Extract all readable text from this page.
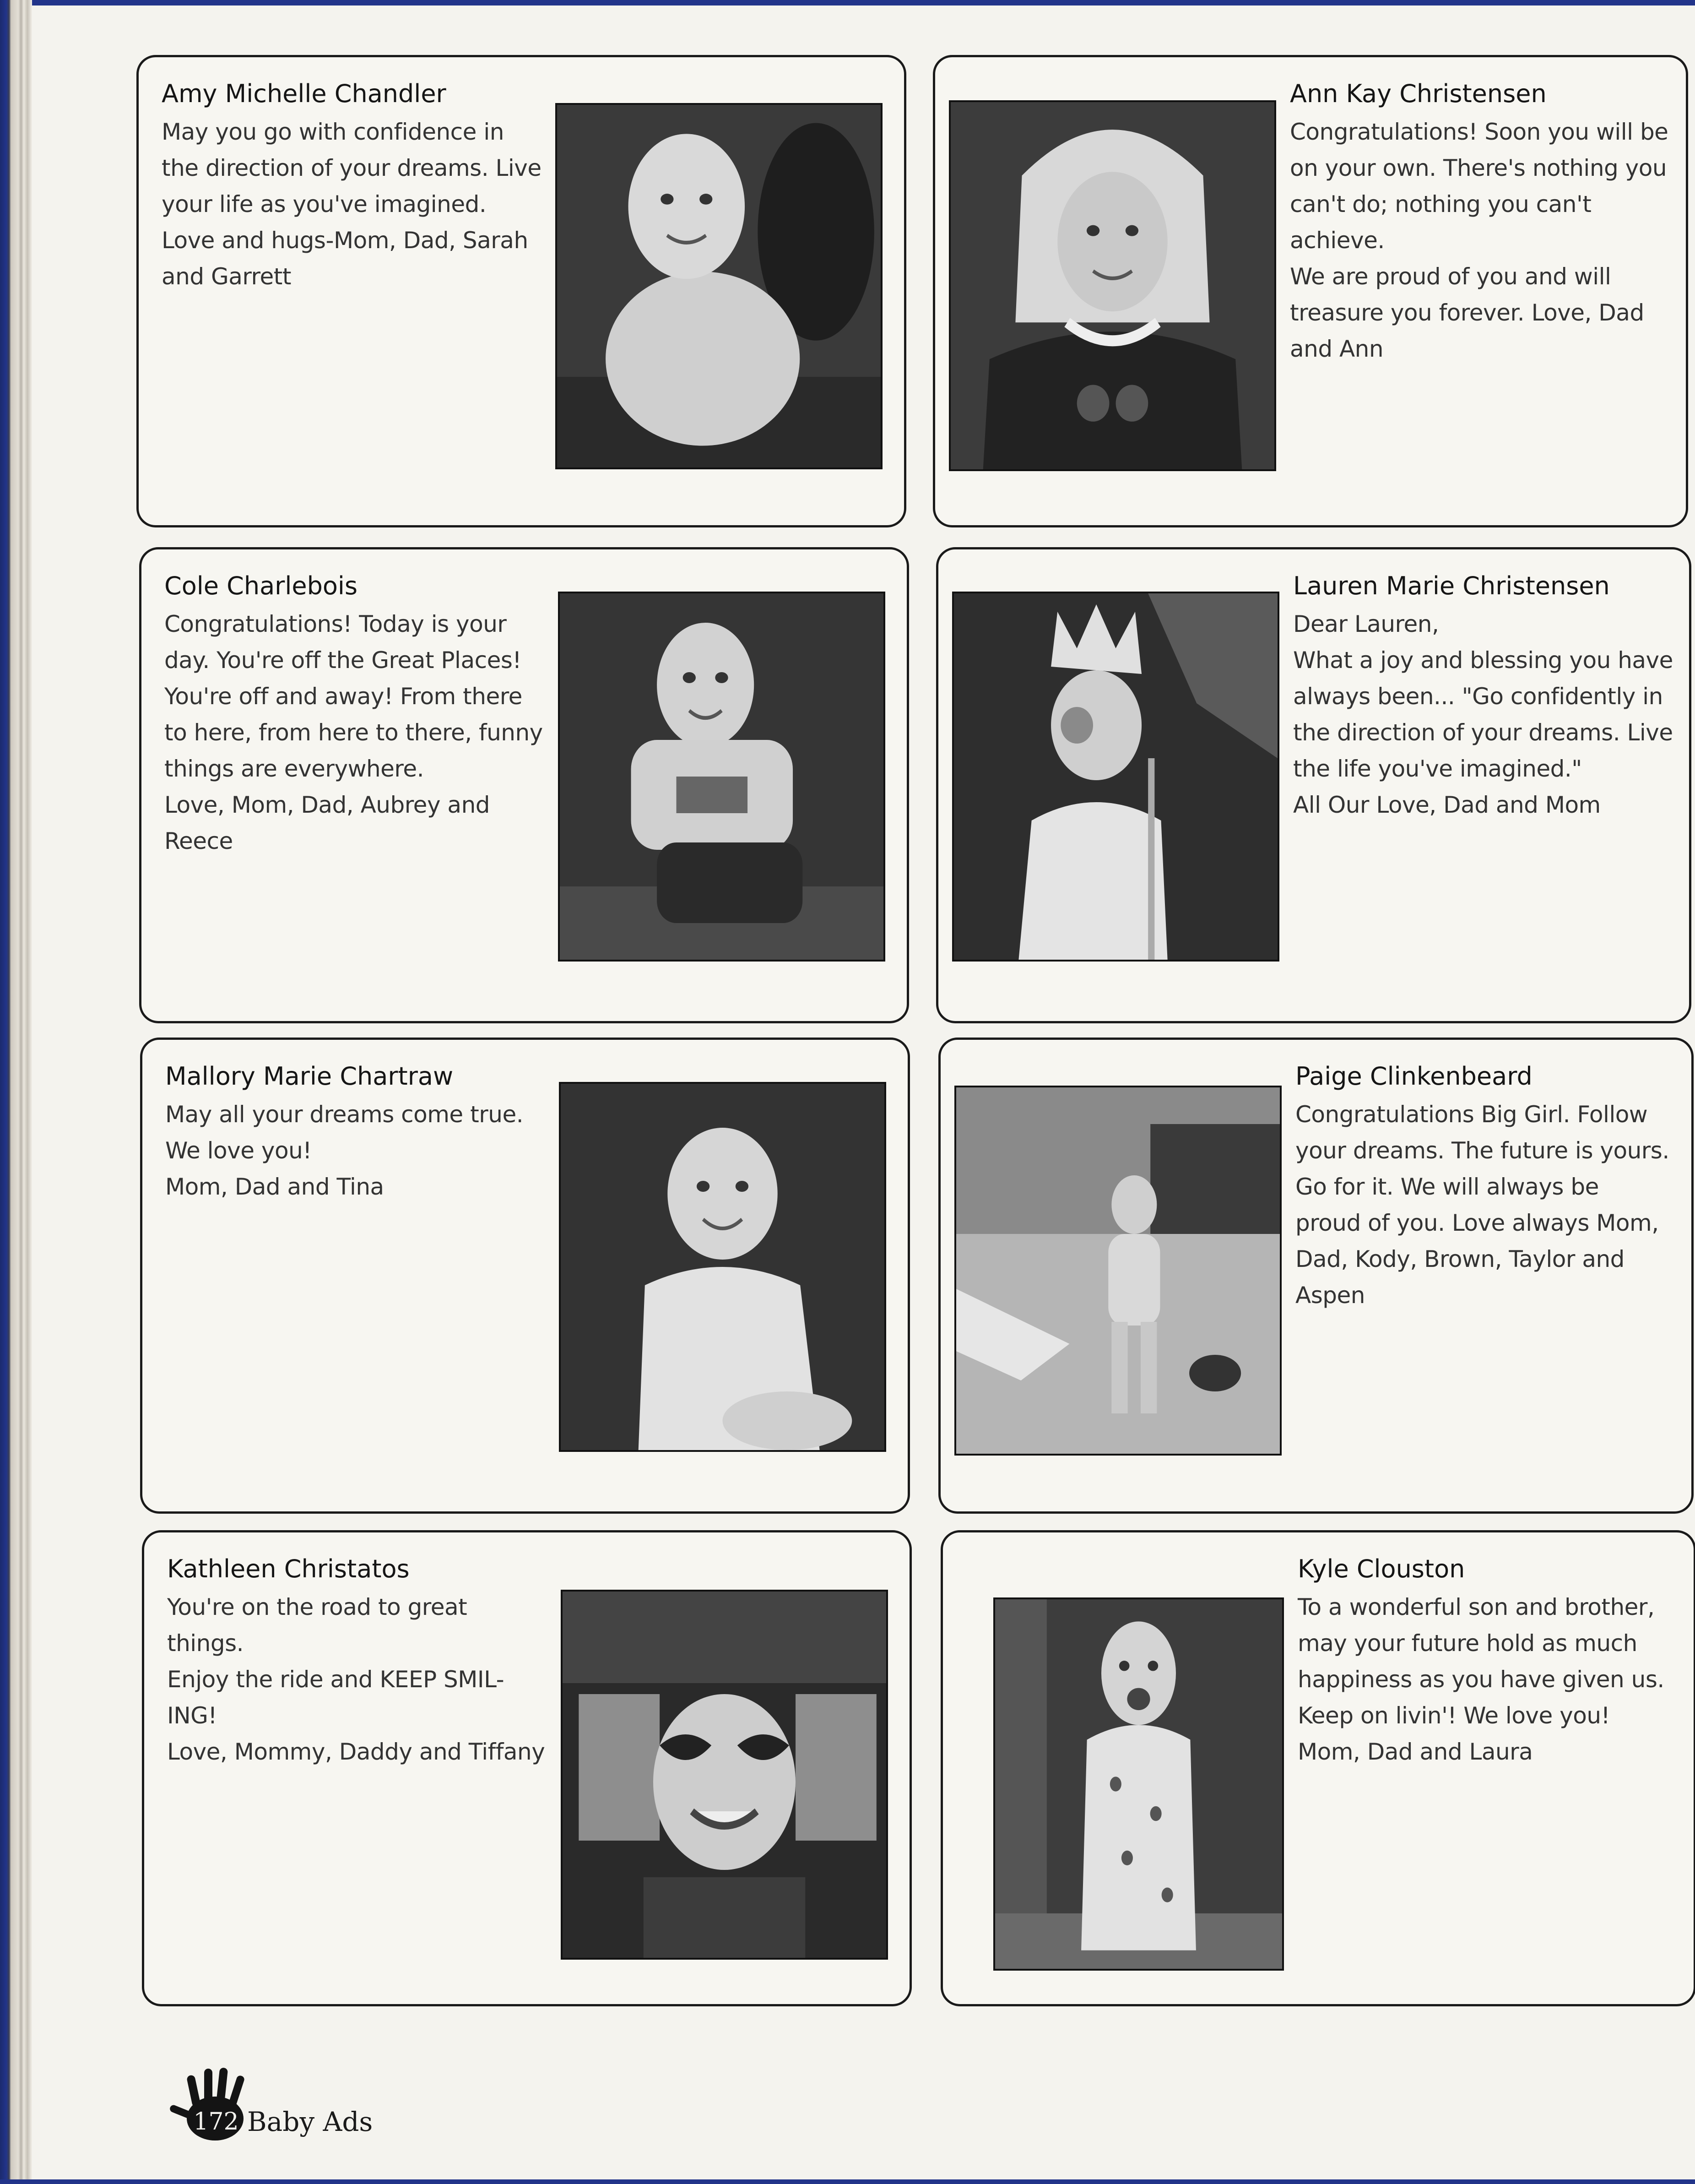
Amy Michelle Chandler
May you go with confidence in
the direction of your dreams. Live
your life as you've imagined.
Love and hugs-Mom, Dad, Sarah
and Garrett
Ann Kay Christensen
Congratulations! Soon you will be
on your own. There's nothing you
can't do; nothing you can't achieve.
We are proud of you and will
treasure you forever. Love, Dad
and Ann
Cole Charlebois
Congratulations! Today is your
day. You're off the Great Places!
You're off and away! From there
to here, from here to there, funny
things are everywhere.
Love, Mom, Dad, Aubrey and
Reece
Lauren Marie Christensen
Dear Lauren,
What a joy and blessing you have
always been... "Go confidently in
the direction of your dreams. Live
the life you've imagined."
All Our Love, Dad and Mom
Mallory Marie Chartraw
May all your dreams come true.
We love you!
Mom, Dad and Tina
Paige Clinkenbeard
Congratulations Big Girl. Follow
your dreams. The future is yours.
Go for it. We will always be
proud of you. Love always Mom,
Dad, Kody, Brown, Taylor and
Aspen
Kathleen Christatos
You're on the road to great things.
Enjoy the ride and KEEP SMIL-
ING!
Love, Mommy, Daddy and Tiffany
Kyle Clouston
To a wonderful son and brother,
may your future hold as much
happiness as you have given us.
Keep on livin'! We love you!
Mom, Dad and Laura
172 Baby Ads
